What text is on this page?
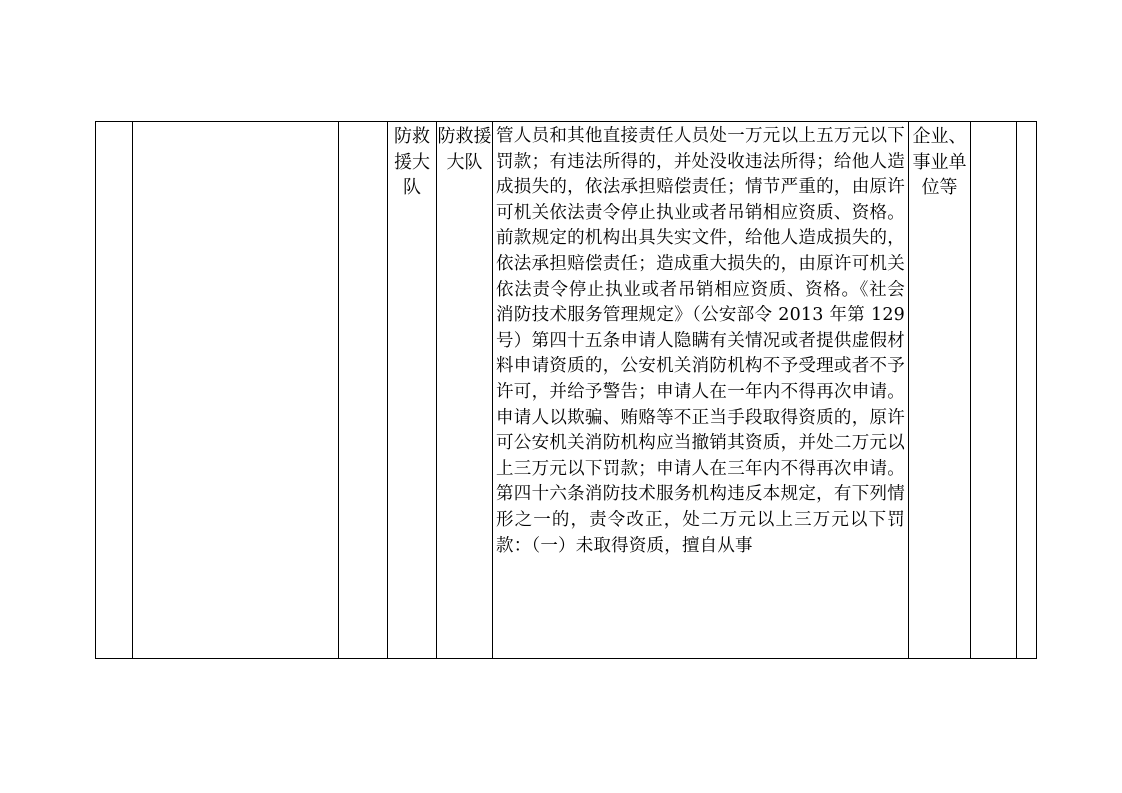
			防救援大队	防救援大队	管人员和其他直接责任人员处一万元以上五万元以下罚款；有违法所得的，并处没收违法所得；给他人造成损失的，依法承担赔偿责任；情节严重的，由原许可机关依法责令停止执业或者吊销相应资质、资格。前款规定的机构出具失实文件，给他人造成损失的，依法承担赔偿责任；造成重大损失的，由原许可机关依法责令停止执业或者吊销相应资质、资格。《社会消防技术服务管理规定》（公安部令 2013 年第 129 号）第四十五条申请人隐瞒有关情况或者提供虚假材料申请资质的，公安机关消防机构不予受理或者不予许可，并给予警告；申请人在一年内不得再次申请。申请人以欺骗、贿赂等不正当手段取得资质的，原许可公安机关消防机构应当撤销其资质，并处二万元以上三万元以下罚款；申请人在三年内不得再次申请。第四十六条消防技术服务机构违反本规定，有下列情形之一的，责令改正，处二万元以上三万元以下罚款：（一）未取得资质，擅自从事	企业、事业单位等		
